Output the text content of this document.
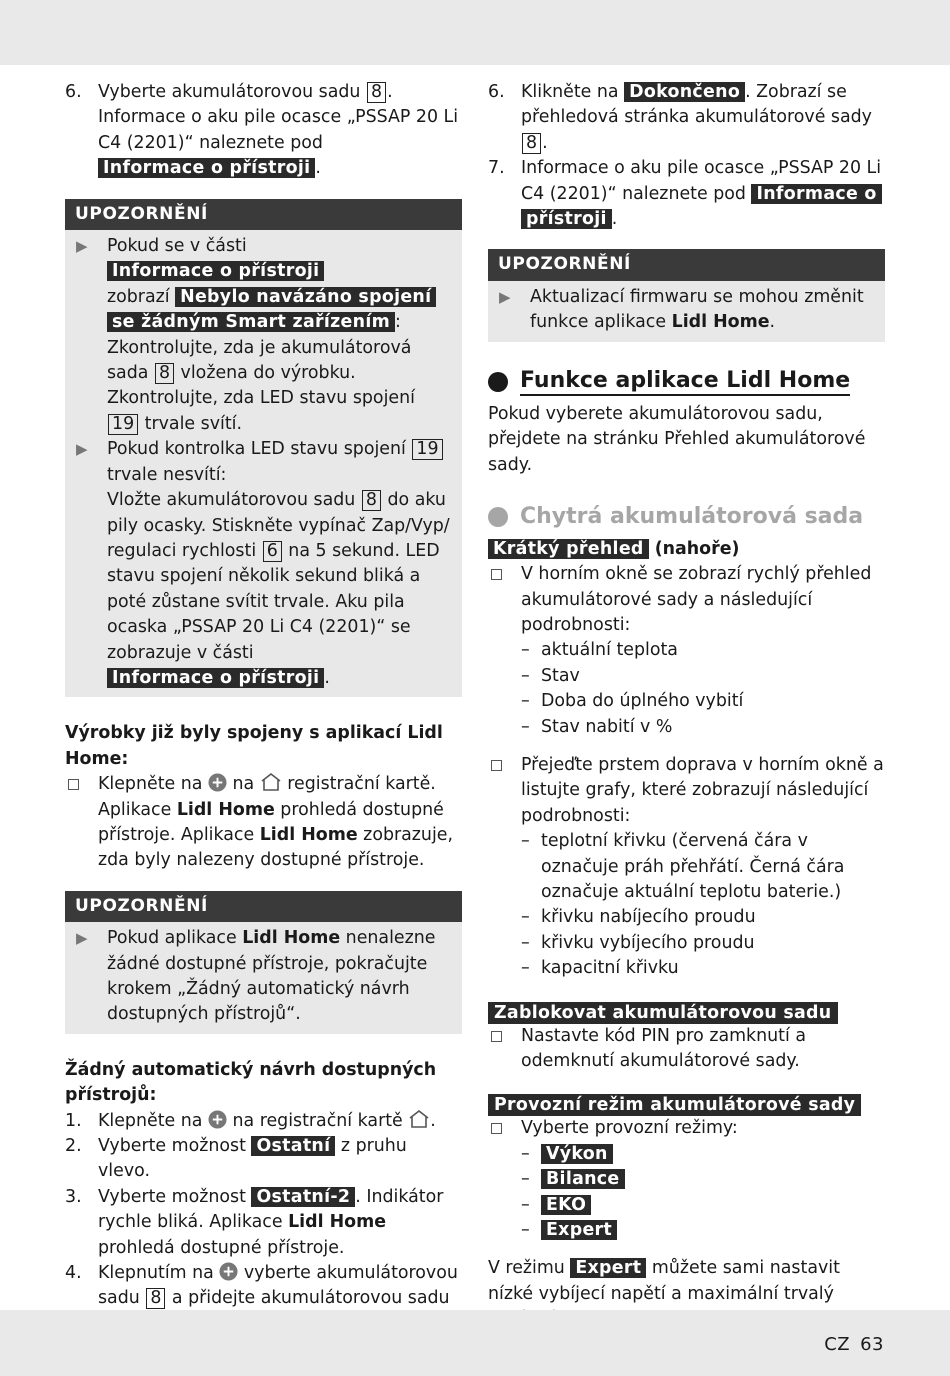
6. Vyberte akumulátorovou sadu 8 . Informace o aku pile ocasce „PSSAP 20 Li C4 (2201)“ naleznete pod Informace o přístroji .
UPOZORNĚNÍ
▶ Pokud se v části Informace o přístroji
zobrazí Nebylo navázáno spojení
se žádným Smart zařízením :
Zkontrolujte, zda je akumulátorová sada 8 vložena do výrobku.
Zkontrolujte, zda LED stavu spojení 19 trvale svítí.
▶ Pokud kontrolka LED stavu spojení 19 trvale nesvítí:
Vložte akumulátorovou sadu 8 do aku pily ocasky. Stiskněte vypínač Zap/Vyp/ regulaci rychlosti 6 na 5 sekund. LED stavu spojení několik sekund bliká a poté zůstane svítit trvale. Aku pila ocaska „PSSAP 20 Li C4 (2201)“ se zobrazuje v části Informace o přístroji .
Výrobky již byly spojeny s aplikací Lidl Home:
Klepněte na  na  registrační kartě. Aplikace Lidl Home prohledá dostupné přístroje. Aplikace Lidl Home zobrazuje, zda byly nalezeny dostupné přístroje.
UPOZORNĚNÍ
▶ Pokud aplikace Lidl Home nenalezne žádné dostupné přístroje, pokračujte krokem „Žádný automatický návrh dostupných přístrojů“.
Žádný automatický návrh dostupných přístrojů:
1. Klepněte na  na registrační kartě .
2. Vyberte možnost Ostatní z pruhu vlevo.
3. Vyberte možnost Ostatní-2 . Indikátor rychle bliká. Aplikace Lidl Home prohledá dostupné přístroje.
4. Klepnutím na  vyberte akumulátorovou sadu 8 a přidejte akumulátorovou sadu
6. Klikněte na Dokončeno . Zobrazí se přehledová stránka akumulátorové sady 8 .
7. Informace o aku pile ocasce „PSSAP 20 Li C4 (2201)“ naleznete pod Informace o
přístroji .
UPOZORNĚNÍ
▶ Aktualizací firmwaru se mohou změnit funkce aplikace Lidl Home.
Funkce aplikace Lidl Home
Pokud vyberete akumulátorovou sadu, přejdete na stránku Přehled akumulátorové sady.
Chytrá akumulátorová sada
Krátký přehled (nahoře)
V horním okně se zobrazí rychlý přehled akumulátorové sady a následující podrobnosti:
– aktuální teplota
– Stav
– Doba do úplného vybití
– Stav nabití v %
Přejeďte prstem doprava v horním okně a listujte grafy, které zobrazují následující podrobnosti:
– teplotní křivku (červená čára v označuje práh přehřátí. Černá čára označuje aktuální teplotu baterie.)
– křivku nabíjecího proudu
– křivku vybíjecího proudu
– kapacitní křivku
Zablokovat akumulátorovou sadu
Nastavte kód PIN pro zamknutí a odemknutí akumulátorové sady.
Provozní režim akumulátorové sady
Vyberte provozní režimy:
– Výkon
– Bilance
– EKO
– Expert
V režimu Expert můžete sami nastavit nízké vybíjecí napětí a maximální trvalý
CZ 63
